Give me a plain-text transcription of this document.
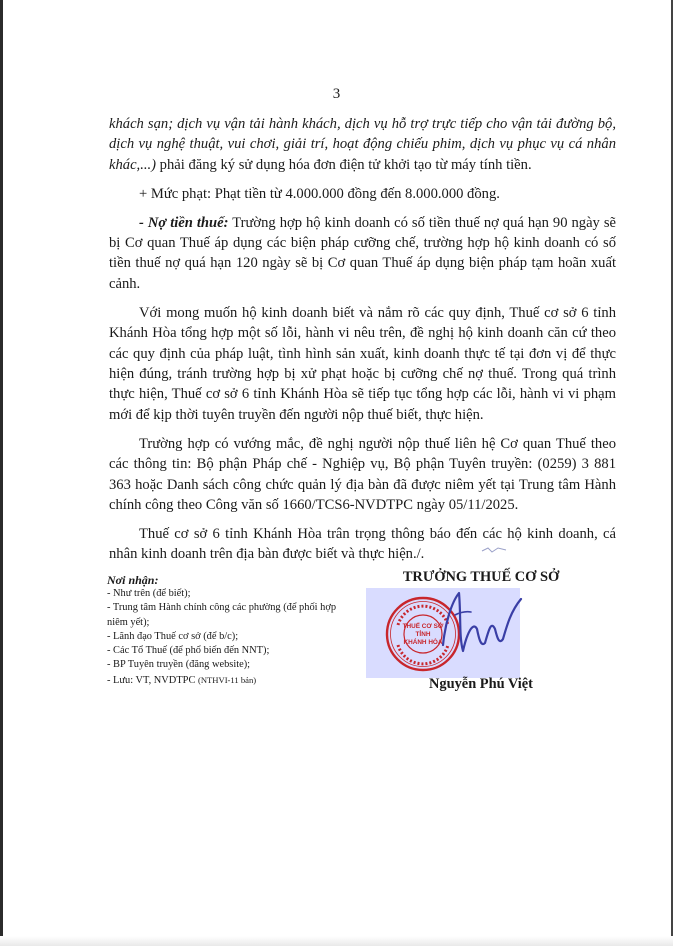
3

khách sạn; dịch vụ vận tải hành khách, dịch vụ hỗ trợ trực tiếp cho vận tải đường bộ, dịch vụ nghệ thuật, vui chơi, giải trí, hoạt động chiếu phim, dịch vụ phục vụ cá nhân khác,...) phải đăng ký sử dụng hóa đơn điện tử khởi tạo từ máy tính tiền.

+ Mức phạt: Phạt tiền từ 4.000.000 đồng đến 8.000.000 đồng.

- Nợ tiền thuế: Trường hợp hộ kinh doanh có số tiền thuế nợ quá hạn 90 ngày sẽ bị Cơ quan Thuế áp dụng các biện pháp cưỡng chế, trường hợp hộ kinh doanh có số tiền thuế nợ quá hạn 120 ngày sẽ bị Cơ quan Thuế áp dụng biện pháp tạm hoãn xuất cảnh.

Với mong muốn hộ kinh doanh biết và nắm rõ các quy định, Thuế cơ sở 6 tỉnh Khánh Hòa tổng hợp một số lỗi, hành vi nêu trên, đề nghị hộ kinh doanh căn cứ theo các quy định của pháp luật, tình hình sản xuất, kinh doanh thực tế tại đơn vị để thực hiện đúng, tránh trường hợp bị xử phạt hoặc bị cưỡng chế nợ thuế. Trong quá trình thực hiện, Thuế cơ sở 6 tỉnh Khánh Hòa sẽ tiếp tục tổng hợp các lỗi, hành vi vi phạm mới để kịp thời tuyên truyền đến người nộp thuế biết, thực hiện.

Trường hợp có vướng mắc, đề nghị người nộp thuế liên hệ Cơ quan Thuế theo các thông tin: Bộ phận Pháp chế - Nghiệp vụ, Bộ phận Tuyên truyền: (0259) 3 881 363 hoặc Danh sách công chức quản lý địa bàn đã được niêm yết tại Trung tâm Hành chính công theo Công văn số 1660/TCS6-NVDTPC ngày 05/11/2025.

Thuế cơ sở 6 tỉnh Khánh Hòa trân trọng thông báo đến các hộ kinh doanh, cá nhân kinh doanh trên địa bàn được biết và thực hiện./.

Nơi nhận:
- Như trên (để biết);
- Trung tâm Hành chính công các phường (để phối hợp niêm yết);
- Lãnh đạo Thuế cơ sở (để b/c);
- Các Tổ Thuế (để phổ biến đến NNT);
- BP Tuyên truyền (đăng website);
- Lưu: VT, NVDTPC (NTHVI-11 bản)
TRƯỞNG THUẾ CƠ SỞ
THUẾ CƠ SỞ
TỈNH
KHÁNH HÒA
Nguyễn Phú Việt
